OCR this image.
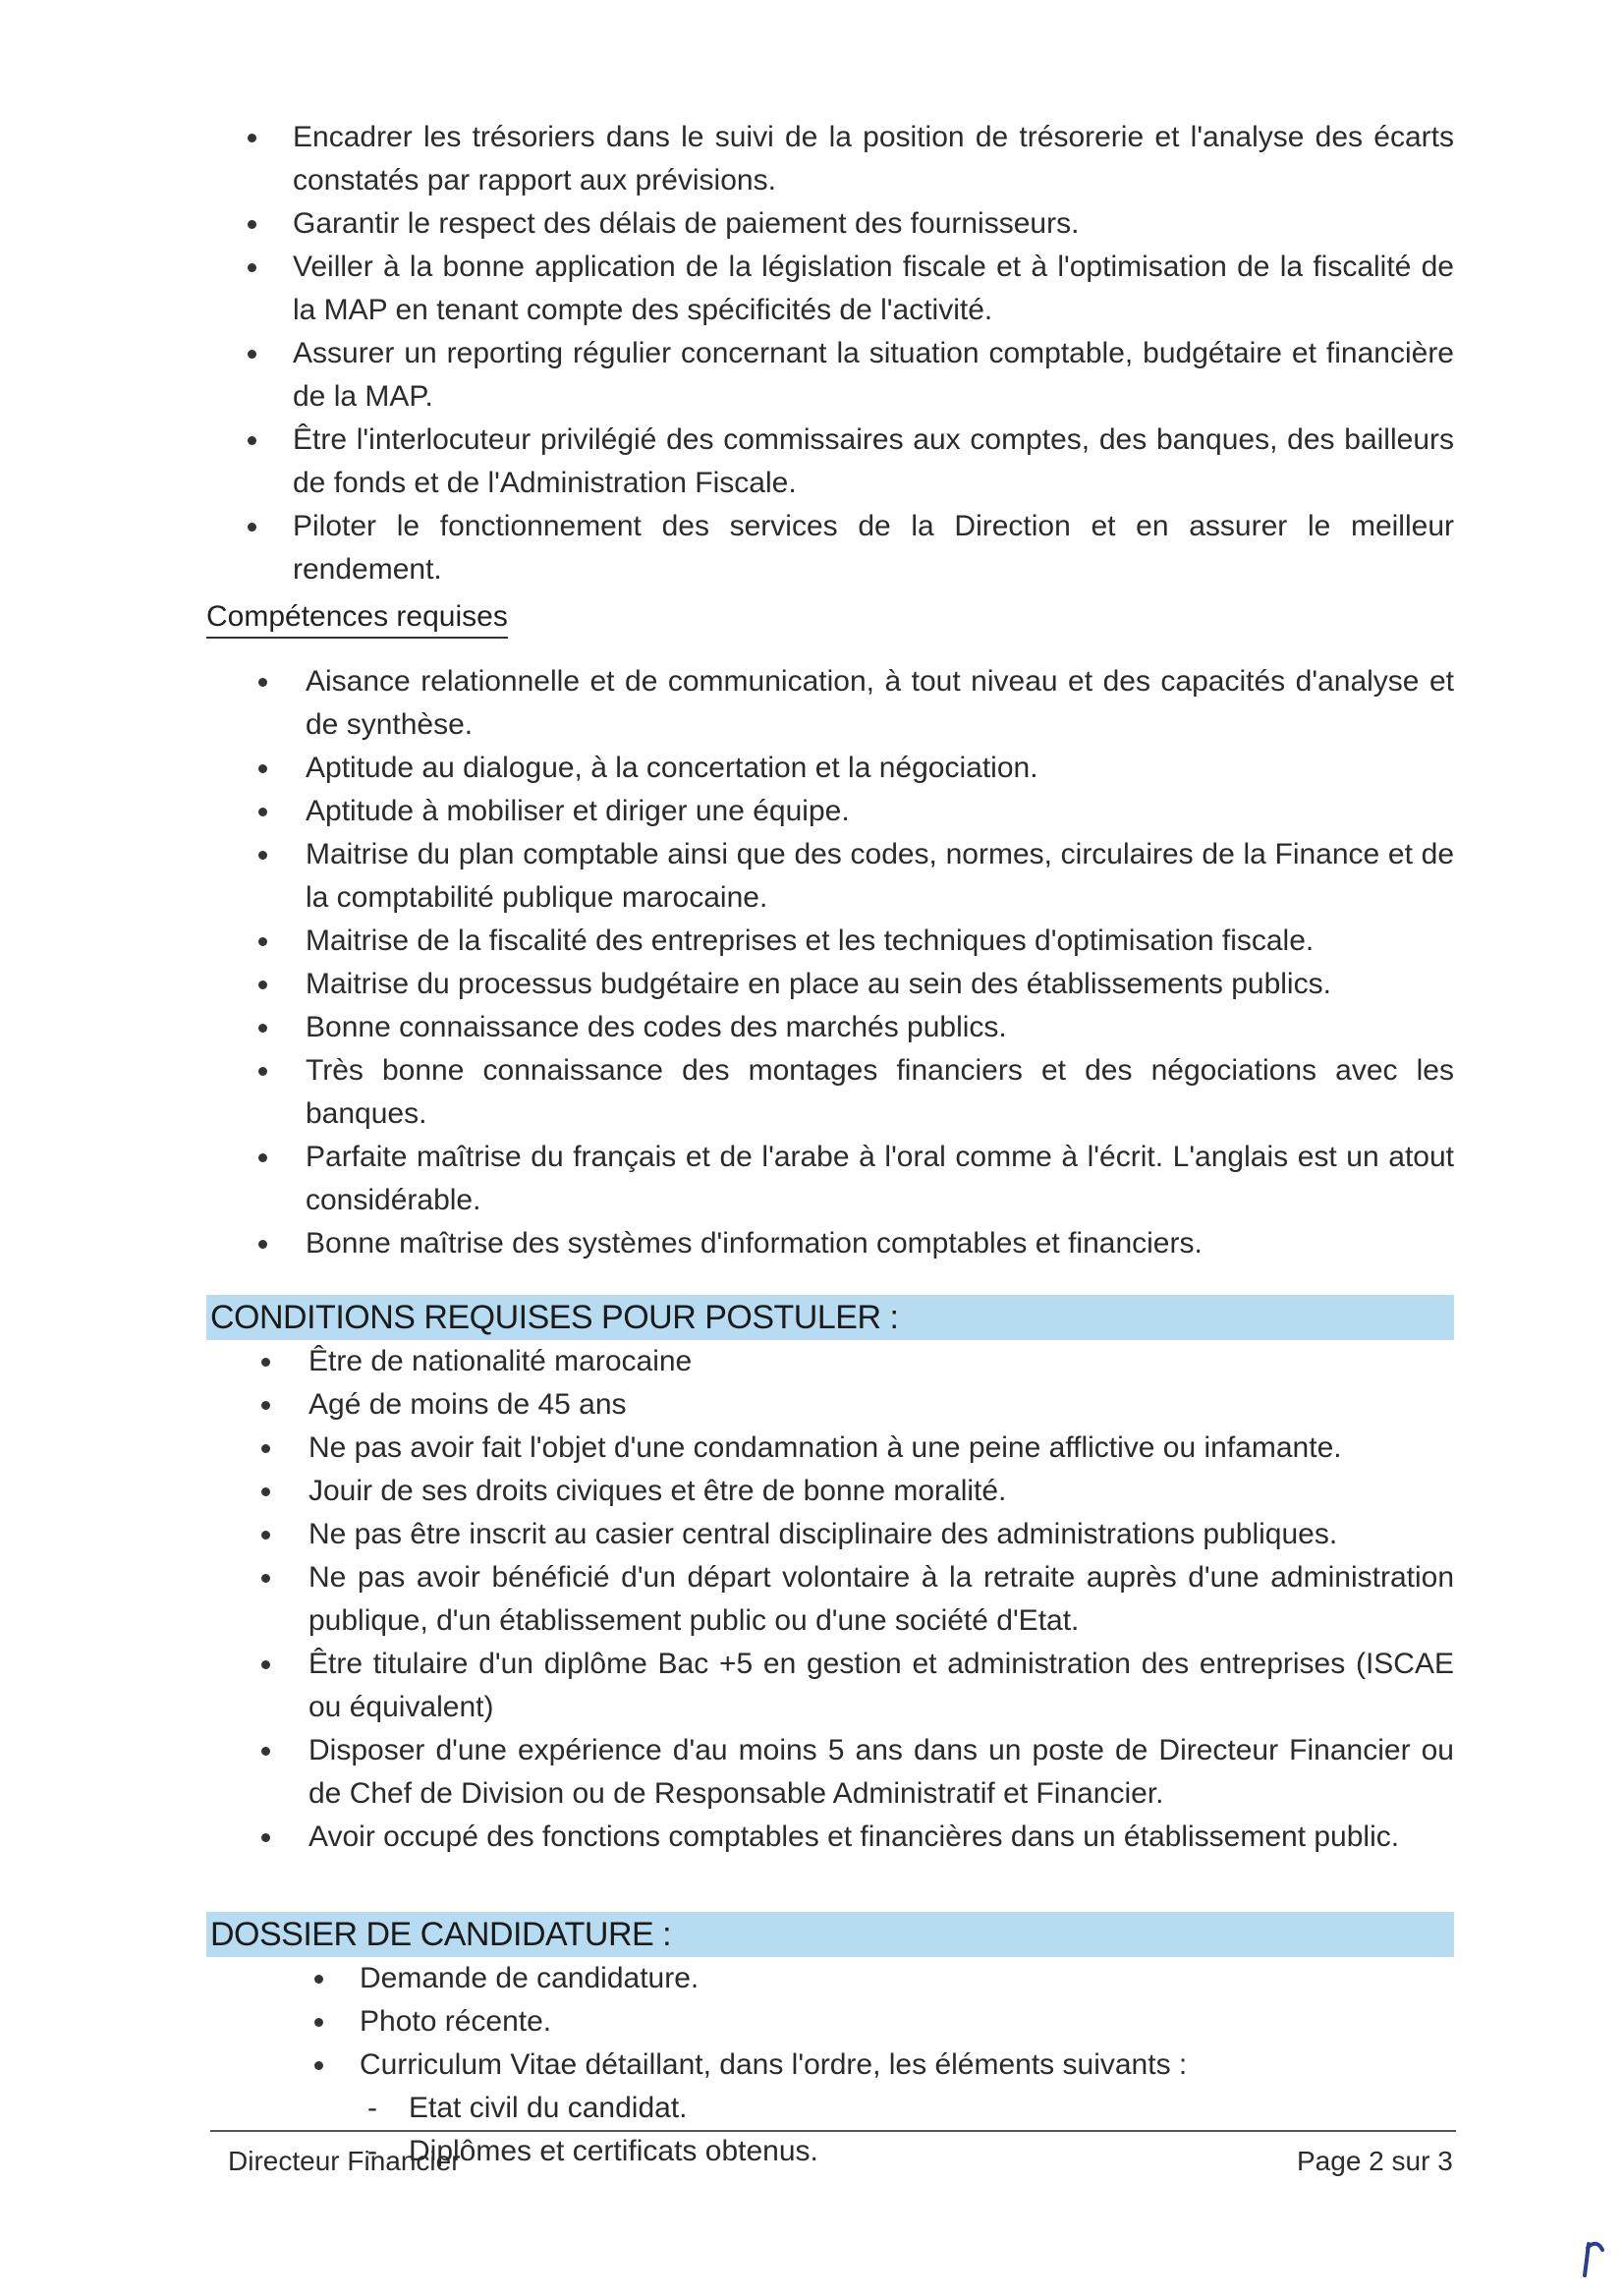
Encadrer les trésoriers dans le suivi de la position de trésorerie et l'analyse des écarts constatés par rapport aux prévisions.
Garantir le respect des délais de paiement des fournisseurs.
Veiller à la bonne application de la législation fiscale et à l'optimisation de la fiscalité de la MAP en tenant compte des spécificités de l'activité.
Assurer un reporting régulier concernant la situation comptable, budgétaire et financière de la MAP.
Être l'interlocuteur privilégié des commissaires aux comptes, des banques, des bailleurs de fonds et de l'Administration Fiscale.
Piloter le fonctionnement des services de la Direction et en assurer le meilleur rendement.
Compétences requises
Aisance relationnelle et de communication, à tout niveau et des capacités d'analyse et de synthèse.
Aptitude au dialogue, à la concertation et la négociation.
Aptitude à mobiliser et diriger une équipe.
Maitrise du plan comptable ainsi que des codes, normes, circulaires de la Finance et de la comptabilité publique marocaine.
Maitrise de la fiscalité des entreprises et les techniques d'optimisation fiscale.
Maitrise du processus budgétaire en place au sein des établissements publics.
Bonne connaissance des codes des marchés publics.
Très bonne connaissance des montages financiers et des négociations avec les banques.
Parfaite maîtrise du français et de l'arabe à l'oral comme à l'écrit. L'anglais est un atout considérable.
Bonne maîtrise des systèmes d'information comptables et financiers.
CONDITIONS REQUISES POUR POSTULER :
Être de nationalité marocaine
Agé de moins de 45 ans
Ne pas avoir fait l'objet d'une condamnation à une peine afflictive ou infamante.
Jouir de ses droits civiques et être de bonne moralité.
Ne pas être inscrit au casier central disciplinaire des administrations publiques.
Ne pas avoir bénéficié d'un départ volontaire à la retraite auprès d'une administration publique, d'un établissement public ou d'une société d'Etat.
Être titulaire d'un diplôme Bac +5 en gestion et administration des entreprises (ISCAE ou équivalent)
Disposer d'une expérience d'au moins 5 ans dans un poste de Directeur Financier ou de Chef de Division ou de Responsable Administratif et Financier.
Avoir occupé des fonctions comptables et financières dans un établissement public.
DOSSIER DE CANDIDATURE :
Demande de candidature.
Photo récente.
Curriculum Vitae détaillant, dans l'ordre, les éléments suivants :
- Etat civil du candidat.
- Diplômes et certificats obtenus.
Directeur Financier	Page 2 sur 3
